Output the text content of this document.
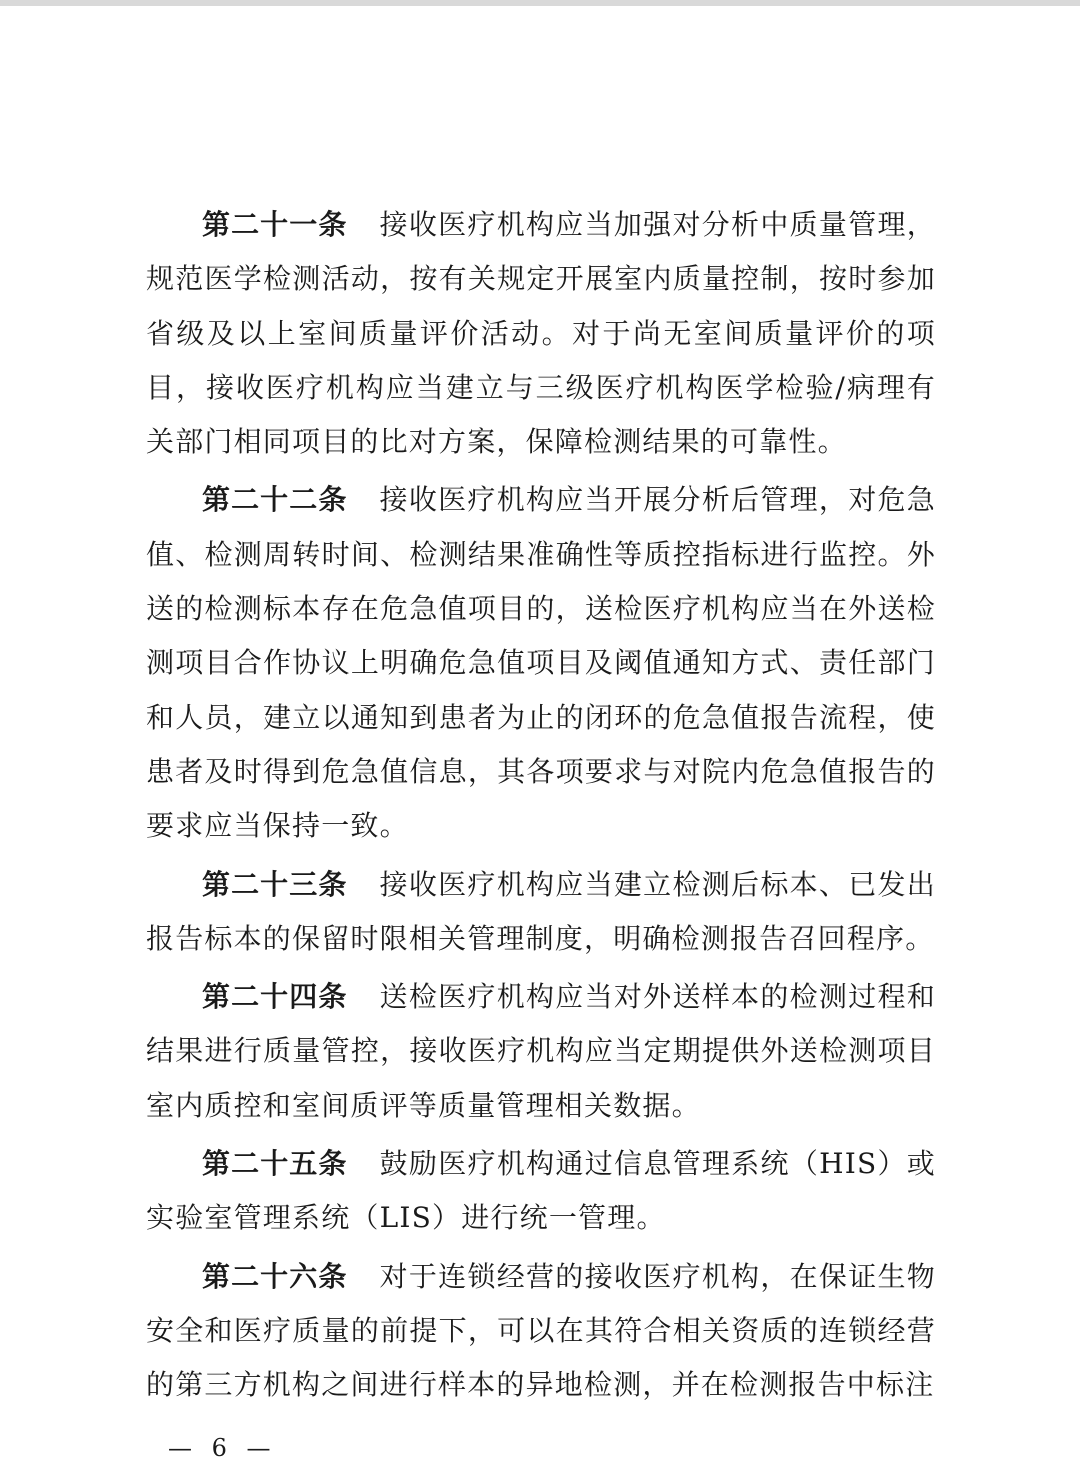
第二十一条 接收医疗机构应当加强对分析中质量管理，规范医学检测活动，按有关规定开展室内质量控制，按时参加省级及以上室间质量评价活动。对于尚无室间质量评价的项目，接收医疗机构应当建立与三级医疗机构医学检验/病理有关部门相同项目的比对方案，保障检测结果的可靠性。

第二十二条 接收医疗机构应当开展分析后管理，对危急值、检测周转时间、检测结果准确性等质控指标进行监控。外送的检测标本存在危急值项目的，送检医疗机构应当在外送检测项目合作协议上明确危急值项目及阈值通知方式、责任部门和人员，建立以通知到患者为止的闭环的危急值报告流程，使患者及时得到危急值信息，其各项要求与对院内危急值报告的要求应当保持一致。

第二十三条 接收医疗机构应当建立检测后标本、已发出报告标本的保留时限相关管理制度，明确检测报告召回程序。

第二十四条 送检医疗机构应当对外送样本的检测过程和结果进行质量管控，接收医疗机构应当定期提供外送检测项目室内质控和室间质评等质量管理相关数据。

第二十五条 鼓励医疗机构通过信息管理系统（HIS）或实验室管理系统（LIS）进行统一管理。

第二十六条 对于连锁经营的接收医疗机构，在保证生物安全和医疗质量的前提下，可以在其符合相关资质的连锁经营的第三方机构之间进行样本的异地检测，并在检测报告中标注

— 6 —
